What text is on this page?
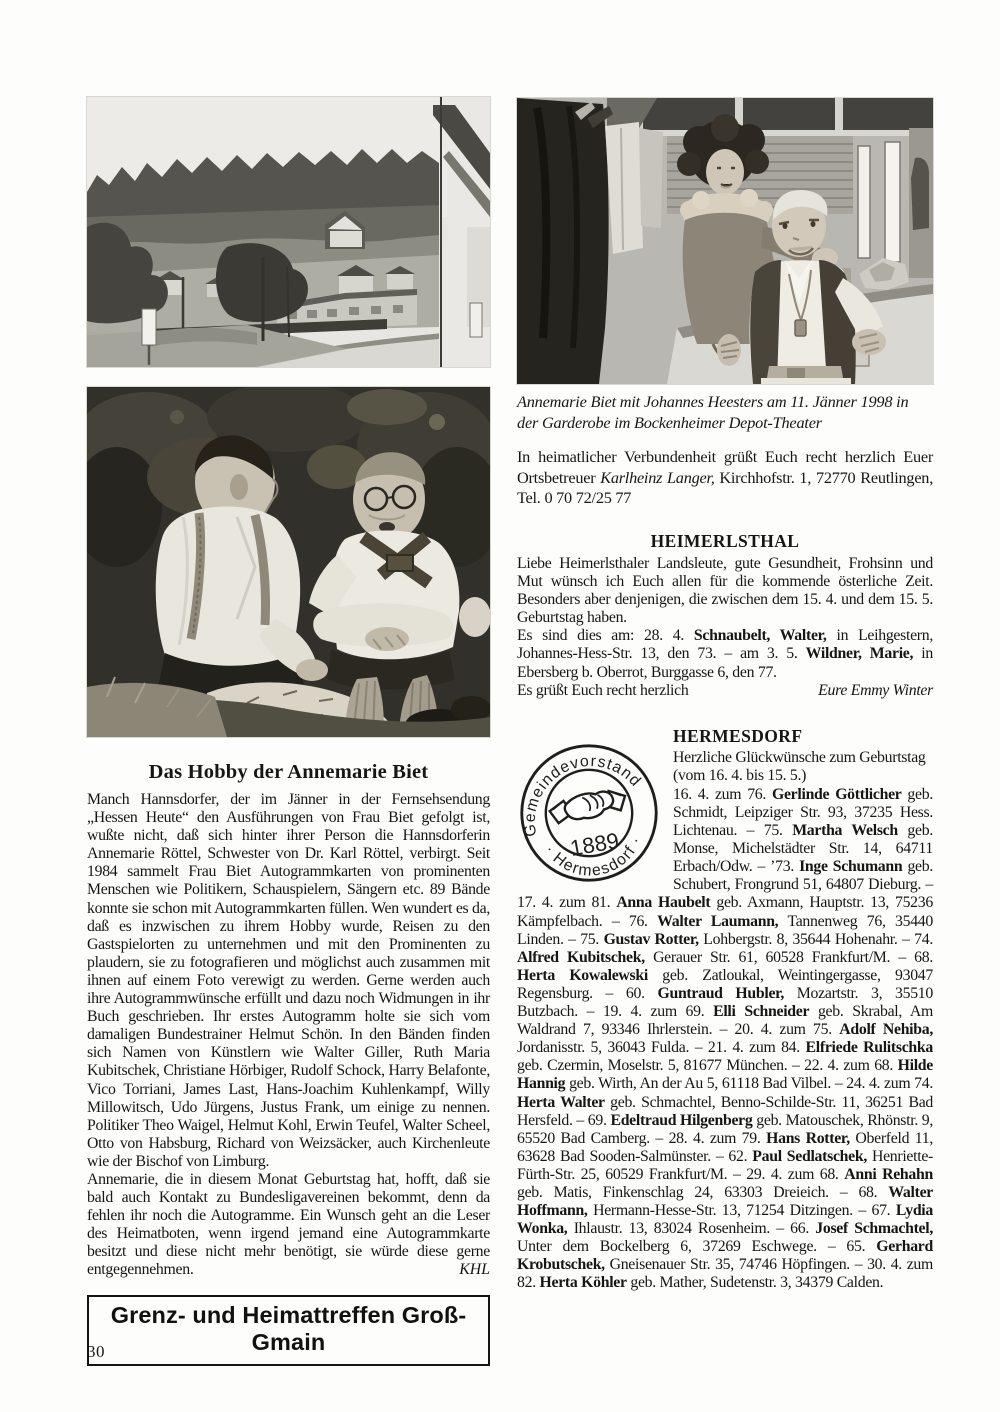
Das Hobby der Annemarie Biet

Manch Hannsdorfer, der im Jänner in der Fernsehsendung „Hessen Heute“ den Ausführungen von Frau Biet gefolgt ist, wußte nicht, daß sich hinter ihrer Person die Hannsdorferin Annemarie Röttel, Schwester von Dr. Karl Röttel, verbirgt. Seit 1984 sammelt Frau Biet Autogrammkarten von prominenten Menschen wie Politikern, Schauspielern, Sängern etc. 89 Bände konnte sie schon mit Autogrammkarten füllen. Wen wundert es da, daß es inzwischen zu ihrem Hobby wurde, Reisen zu den Gastspielorten zu unternehmen und mit den Prominenten zu plaudern, sie zu fotografieren und möglichst auch zusammen mit ihnen auf einem Foto verewigt zu werden. Gerne werden auch ihre Autogrammwünsche erfüllt und dazu noch Widmungen in ihr Buch geschrieben. Ihr erstes Autogramm holte sie sich vom damaligen Bundestrainer Helmut Schön. In den Bänden finden sich Namen von Künstlern wie Walter Giller, Ruth Maria Kubitschek, Christiane Hörbiger, Rudolf Schock, Harry Belafonte, Vico Torriani, James Last, Hans-Joachim Kuhlenkampf, Willy Millowitsch, Udo Jürgens, Justus Frank, um einige zu nennen. Politiker Theo Waigel, Helmut Kohl, Erwin Teufel, Walter Scheel, Otto von Habsburg, Richard von Weizsäcker, auch Kirchenleute wie der Bischof von Limburg.

Annemarie, die in diesem Monat Geburtstag hat, hofft, daß sie bald auch Kontakt zu Bundesligavereinen bekommt, denn da fehlen ihr noch die Autogramme. Ein Wunsch geht an die Leser des Heimatboten, wenn irgend jemand eine Autogrammkarte besitzt und diese nicht mehr benötigt, sie würde diese gerne entgegennehmen.	KHL

Grenz- und Heimattreffen Groß-Gmain

Annemarie Biet mit Johannes Heesters am 11. Jänner 1998 in der Garderobe im Bockenheimer Depot-Theater

In heimatlicher Verbundenheit grüßt Euch recht herzlich Euer Ortsbetreuer Karlheinz Langer, Kirchhofstr. 1, 72770 Reutlingen, Tel. 0 70 72/25 77

HEIMERLSTHAL

Liebe Heimerlsthaler Landsleute, gute Gesundheit, Frohsinn und Mut wünsch ich Euch allen für die kommende österliche Zeit. Besonders aber denjenigen, die zwischen dem 15. 4. und dem 15. 5. Geburtstag haben.

Es sind dies am: 28. 4. Schnaubelt, Walter, in Leihgestern, Johannes-Hess-Str. 13, den 73. – am 3. 5. Wildner, Marie, in Ebersberg b. Oberrot, Burggasse 6, den 77.

Es grüßt Euch recht herzlich	Eure Emmy Winter

Gemeindevorstand
· Hermesdorf ·
1889
HERMESDORF

Herzliche Glückwünsche zum Geburtstag

(vom 16. 4. bis 15. 5.)

16. 4. zum 76. Gerlinde Göttlicher geb. Schmidt, Leipziger Str. 93, 37235 Hess. Lichtenau. – 75. Martha Welsch geb. Monse, Michelstädter Str. 14, 64711 Erbach/Odw. – ’73. Inge Schumann geb. Schubert, Frongrund 51, 64807 Dieburg. – 17. 4. zum 81. Anna Haubelt geb. Axmann, Hauptstr. 13, 75236 Kämpfelbach. – 76. Walter Laumann, Tannenweg 76, 35440 Linden. – 75. Gustav Rotter, Lohbergstr. 8, 35644 Hohenahr. – 74. Alfred Kubitschek, Gerauer Str. 61, 60528 Frankfurt/M. – 68. Herta Kowalewski geb. Zatloukal, Weintingergasse, 93047 Regensburg. – 60. Guntraud Hubler, Mozartstr. 3, 35510 Butzbach. – 19. 4. zum 69. Elli Schneider geb. Skrabal, Am Waldrand 7, 93346 Ihrlerstein. – 20. 4. zum 75. Adolf Nehiba, Jordanisstr. 5, 36043 Fulda. – 21. 4. zum 84. Elfriede Rulitschka geb. Czermin, Moselstr. 5, 81677 München. – 22. 4. zum 68. Hilde Hannig geb. Wirth, An der Au 5, 61118 Bad Vilbel. – 24. 4. zum 74. Herta Walter geb. Schmachtel, Benno-Schilde-Str. 11, 36251 Bad Hersfeld. – 69. Edeltraud Hilgenberg geb. Matouschek, Rhönstr. 9, 65520 Bad Camberg. – 28. 4. zum 79. Hans Rotter, Oberfeld 11, 63628 Bad Sooden-Salmünster. – 62. Paul Sedlatschek, Henriette-Fürth-Str. 25, 60529 Frankfurt/M. – 29. 4. zum 68. Anni Rehahn geb. Matis, Finkenschlag 24, 63303 Dreieich. – 68. Walter Hoffmann, Hermann-Hesse-Str. 13, 71254 Ditzingen. – 67. Lydia Wonka, Ihlaustr. 13, 83024 Rosenheim. – 66. Josef Schmachtel, Unter dem Bockelberg 6, 37269 Eschwege. – 65. Gerhard Krobutschek, Gneisenauer Str. 35, 74746 Höpfingen. – 30. 4. zum 82. Herta Köhler geb. Mather, Sudetenstr. 3, 34379 Calden.

30
